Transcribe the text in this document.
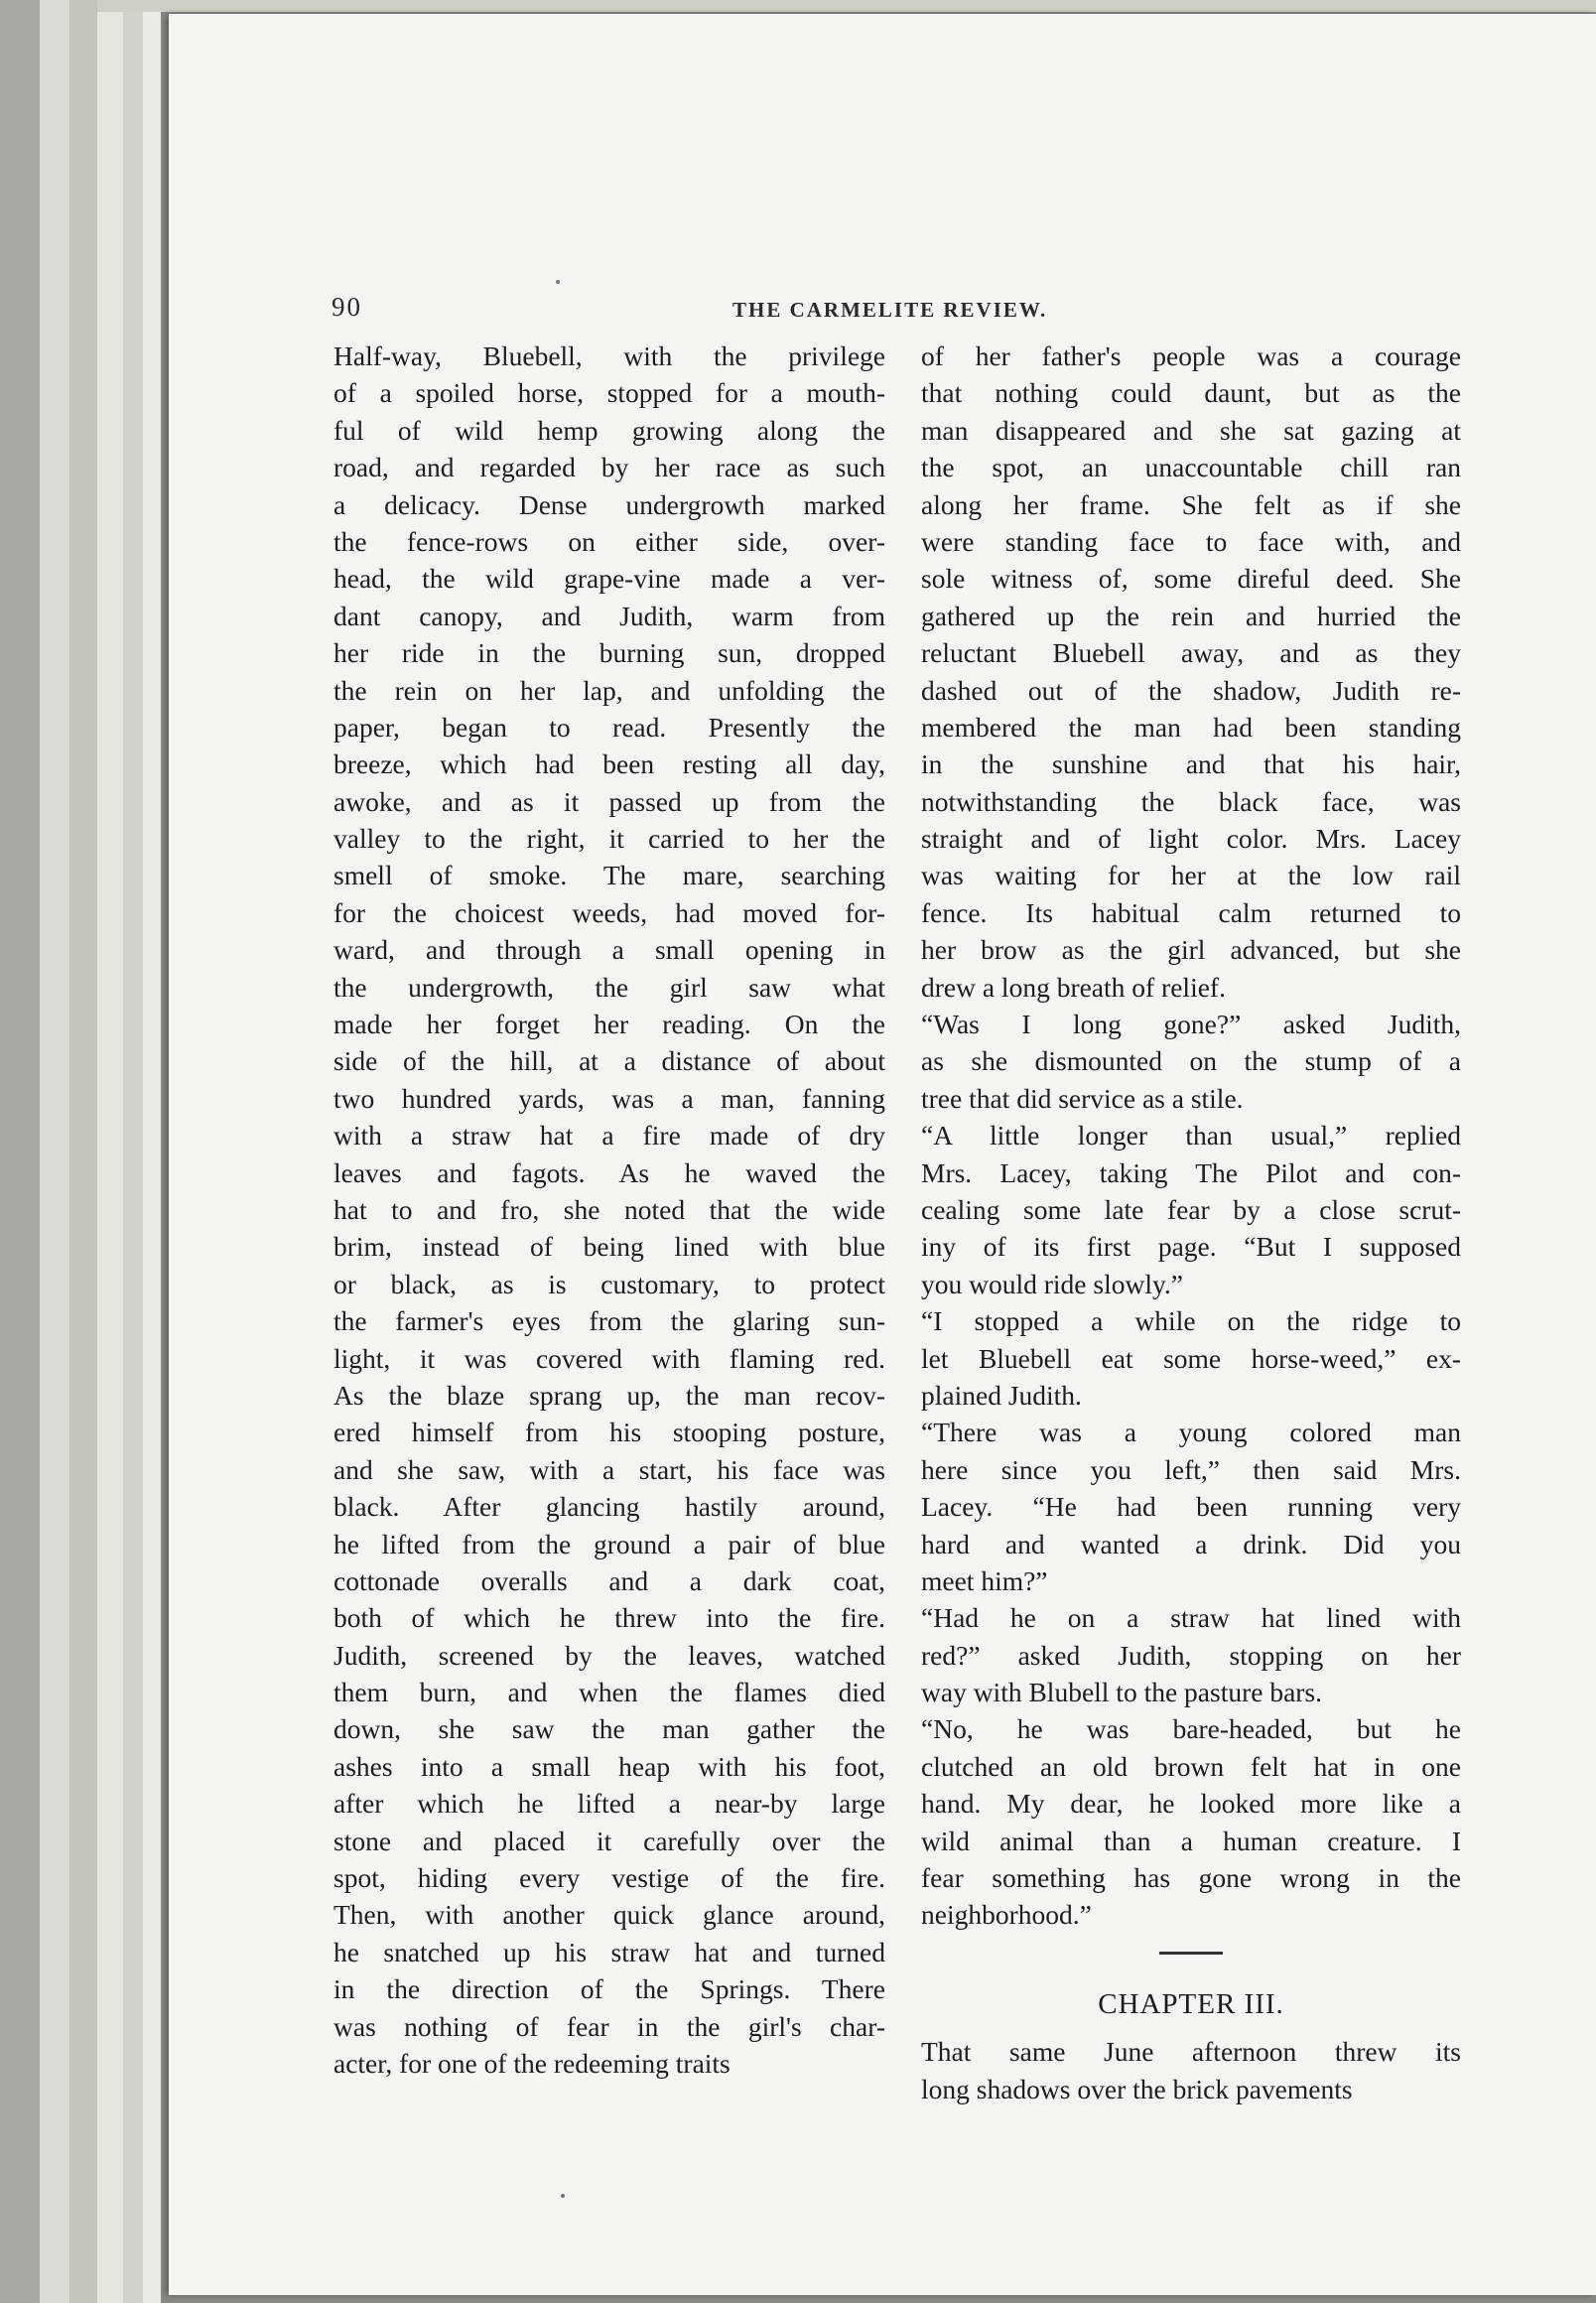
90	THE CARMELITE REVIEW.
Half-way, Bluebell, with the privilege
of a spoiled horse, stopped for a mouth-
ful of wild hemp growing along the
road, and regarded by her race as such
a delicacy. Dense undergrowth marked
the fence-rows on either side, over-
head, the wild grape-vine made a ver-
dant canopy, and Judith, warm from
her ride in the burning sun, dropped
the rein on her lap, and unfolding the
paper, began to read. Presently the
breeze, which had been resting all day,
awoke, and as it passed up from the
valley to the right, it carried to her the
smell of smoke. The mare, searching
for the choicest weeds, had moved for-
ward, and through a small opening in
the undergrowth, the girl saw what
made her forget her reading. On the
side of the hill, at a distance of about
two hundred yards, was a man, fanning
with a straw hat a fire made of dry
leaves and fagots. As he waved the
hat to and fro, she noted that the wide
brim, instead of being lined with blue
or black, as is customary, to protect
the farmer's eyes from the glaring sun-
light, it was covered with flaming red.
As the blaze sprang up, the man recov-
ered himself from his stooping posture,
and she saw, with a start, his face was
black. After glancing hastily around,
he lifted from the ground a pair of blue
cottonade overalls and a dark coat,
both of which he threw into the fire.
Judith, screened by the leaves, watched
them burn, and when the flames died
down, she saw the man gather the
ashes into a small heap with his foot,
after which he lifted a near-by large
stone and placed it carefully over the
spot, hiding every vestige of the fire.
Then, with another quick glance around,
he snatched up his straw hat and turned
in the direction of the Springs. There
was nothing of fear in the girl's char-
acter, for one of the redeeming traits
of her father's people was a courage
that nothing could daunt, but as the
man disappeared and she sat gazing at
the spot, an unaccountable chill ran
along her frame. She felt as if she
were standing face to face with, and
sole witness of, some direful deed. She
gathered up the rein and hurried the
reluctant Bluebell away, and as they
dashed out of the shadow, Judith re-
membered the man had been standing
in the sunshine and that his hair,
notwithstanding the black face, was
straight and of light color. Mrs. Lacey
was waiting for her at the low rail
fence. Its habitual calm returned to
her brow as the girl advanced, but she
drew a long breath of relief.
“Was I long gone?” asked Judith,
as she dismounted on the stump of a
tree that did service as a stile.
“A little longer than usual,” replied
Mrs. Lacey, taking The Pilot and con-
cealing some late fear by a close scrut-
iny of its first page. “But I supposed
you would ride slowly.”
“I stopped a while on the ridge to
let Bluebell eat some horse-weed,” ex-
plained Judith.
“There was a young colored man
here since you left,” then said Mrs.
Lacey. “He had been running very
hard and wanted a drink. Did you
meet him?”
“Had he on a straw hat lined with
red?” asked Judith, stopping on her
way with Blubell to the pasture bars.
“No, he was bare-headed, but he
clutched an old brown felt hat in one
hand. My dear, he looked more like a
wild animal than a human creature. I
fear something has gone wrong in the
neighborhood.”
CHAPTER III.
That same June afternoon threw its
long shadows over the brick pavements
